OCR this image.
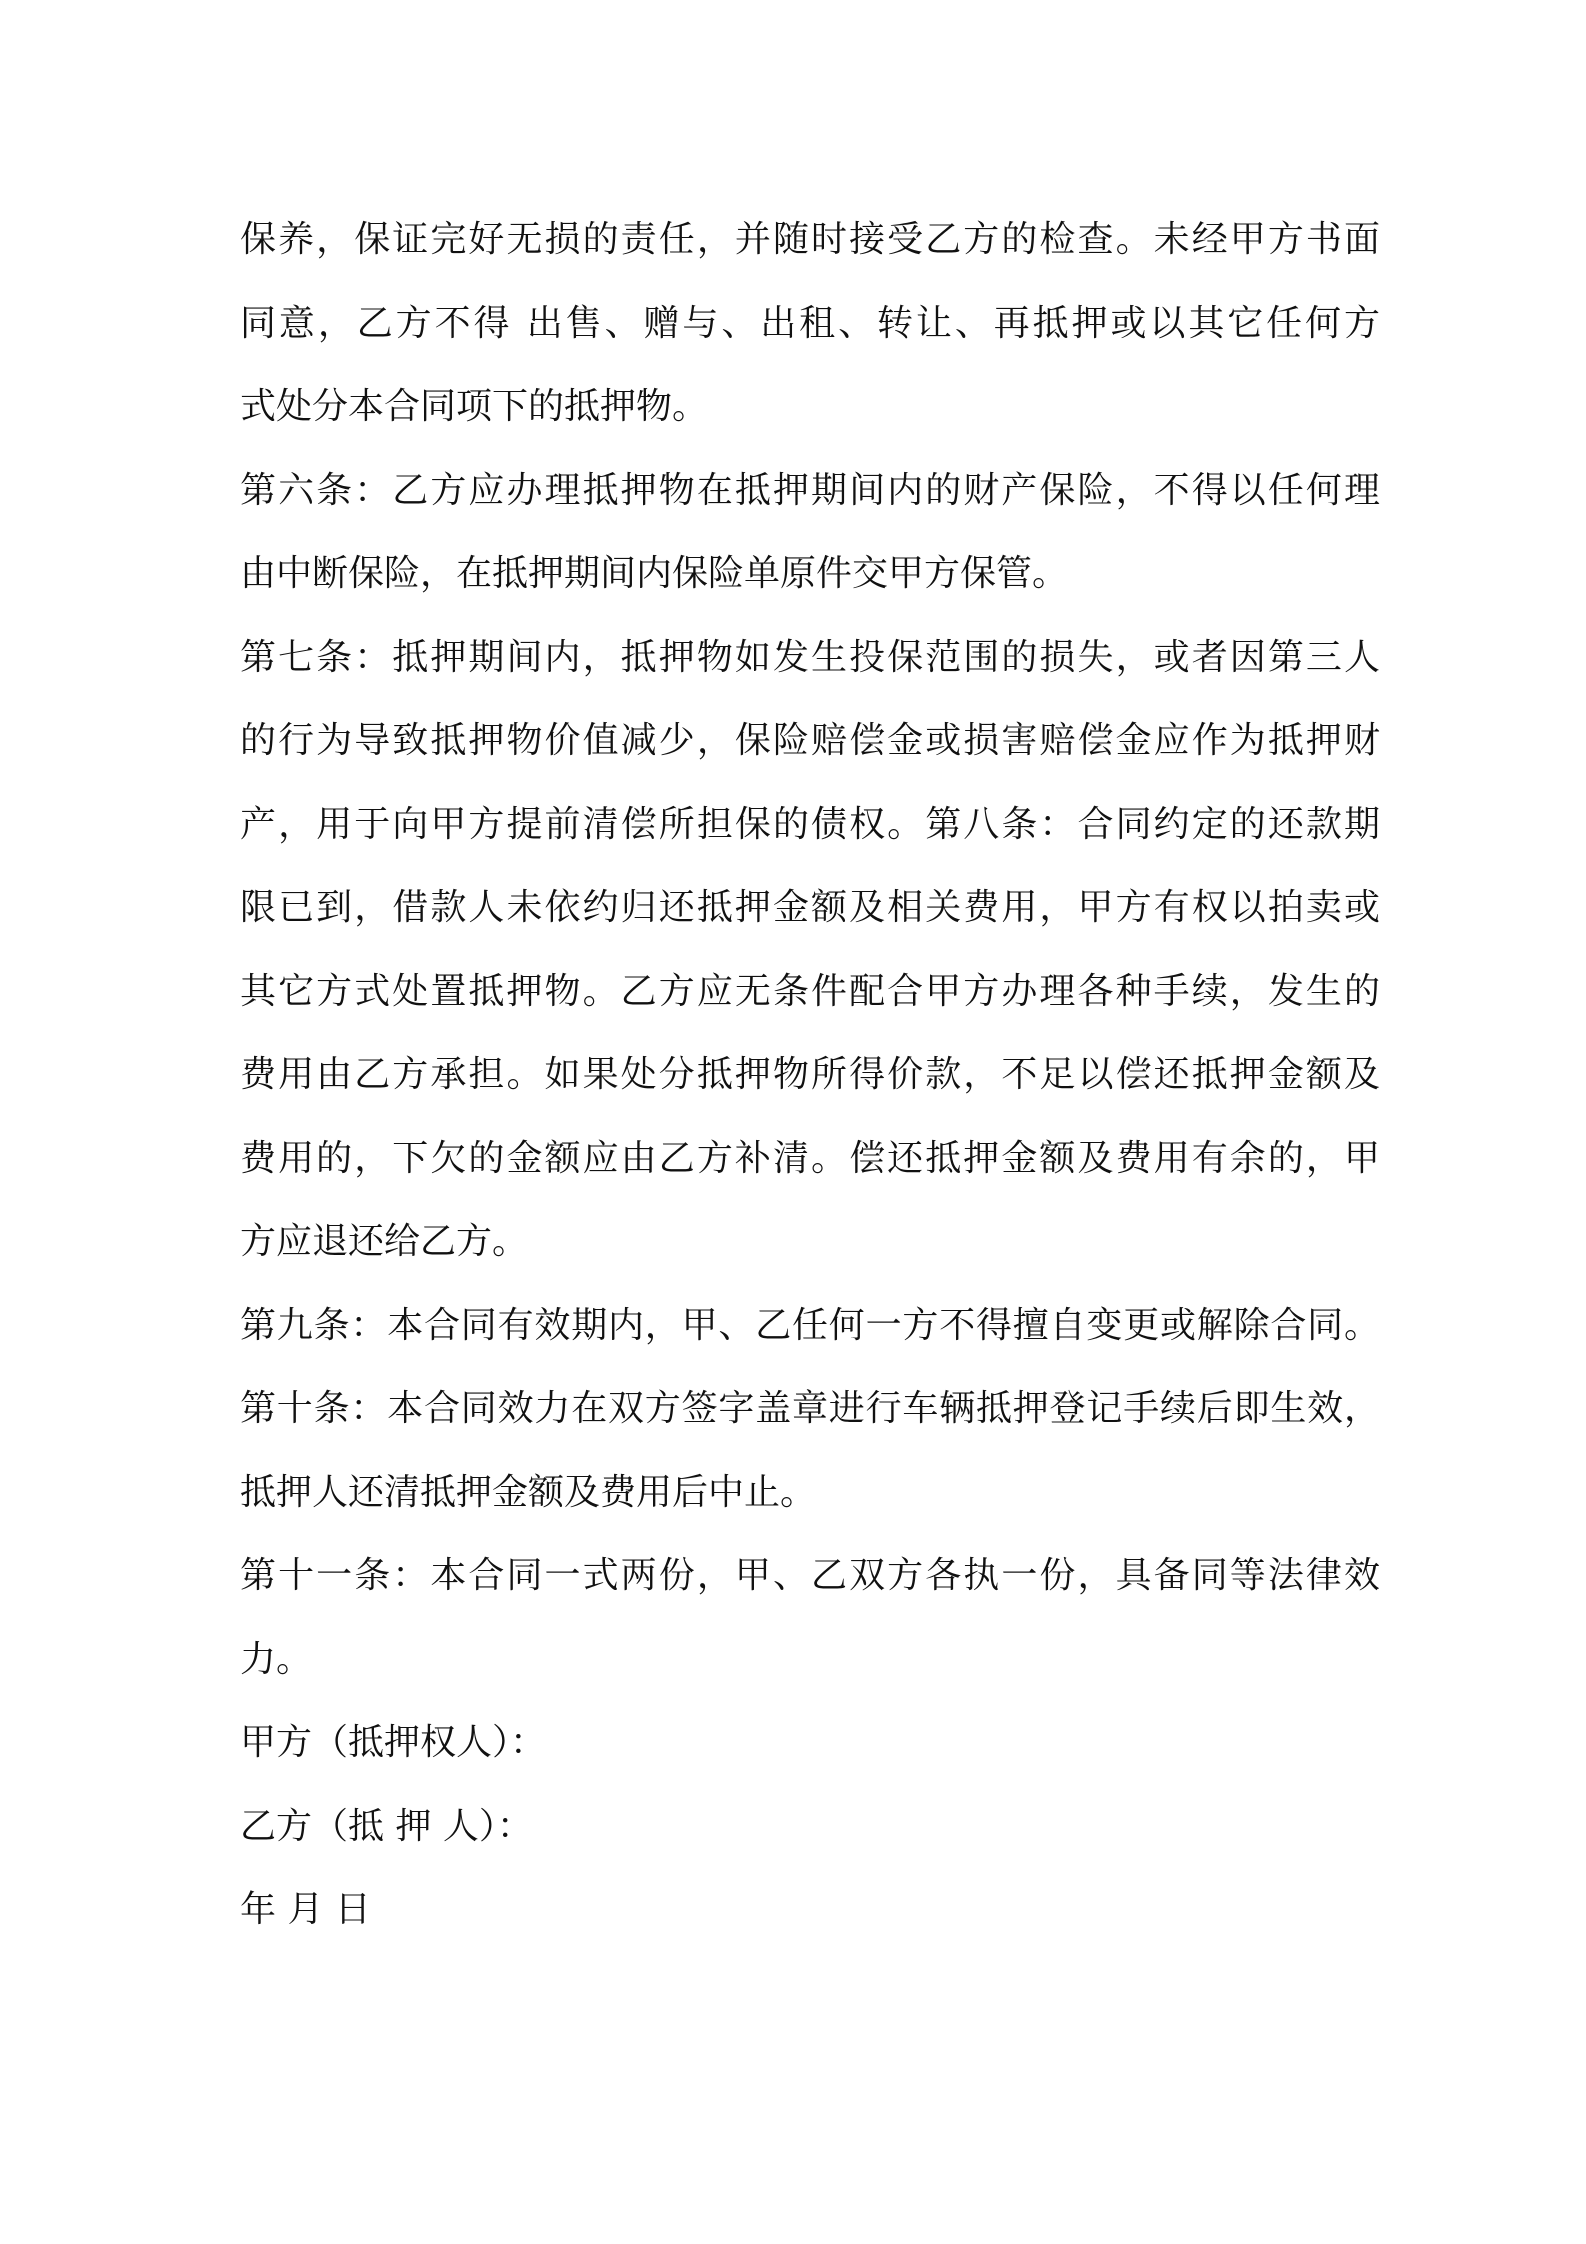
保养，保证完好无损的责任，并随时接受乙方的检查。未经甲方书面
同意，乙方不得 出售、赠与、出租、转让、再抵押或以其它任何方
式处分本合同项下的抵押物。
第六条：乙方应办理抵押物在抵押期间内的财产保险，不得以任何理
由中断保险，在抵押期间内保险单原件交甲方保管。
第七条：抵押期间内，抵押物如发生投保范围的损失，或者因第三人
的行为导致抵押物价值减少，保险赔偿金或损害赔偿金应作为抵押财
产，用于向甲方提前清偿所担保的债权。第八条：合同约定的还款期
限已到，借款人未依约归还抵押金额及相关费用，甲方有权以拍卖或
其它方式处置抵押物。乙方应无条件配合甲方办理各种手续，发生的
费用由乙方承担。如果处分抵押物所得价款，不足以偿还抵押金额及
费用的，下欠的金额应由乙方补清。偿还抵押金额及费用有余的，甲
方应退还给乙方。
第九条：本合同有效期内，甲、乙任何一方不得擅自变更或解除合同。
第十条：本合同效力在双方签字盖章进行车辆抵押登记手续后即生效，
抵押人还清抵押金额及费用后中止。
第十一条：本合同一式两份，甲、乙双方各执一份，具备同等法律效
力。
甲方（抵押权人）：
乙方（抵 押 人）：
年 月 日
